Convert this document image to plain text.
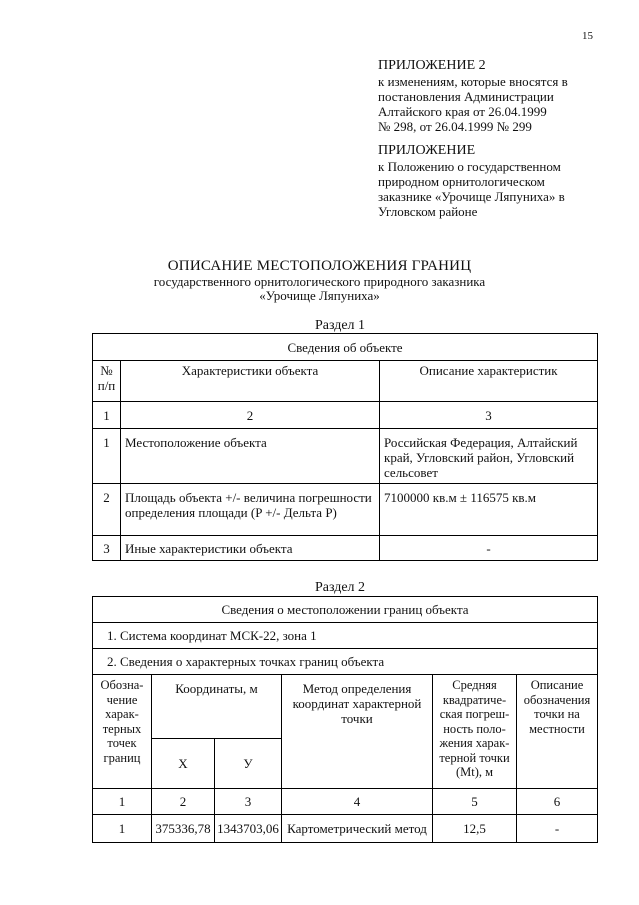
15
ПРИЛОЖЕНИЕ 2
к изменениям, которые вносятся в
постановления Администрации
Алтайского края от 26.04.1999
№ 298, от 26.04.1999 № 299
ПРИЛОЖЕНИЕ
к Положению о государственном
природном орнитологическом
заказнике «Урочище Ляпуниха» в
Угловском районе
ОПИСАНИЕ МЕСТОПОЛОЖЕНИЯ ГРАНИЦ
государственного орнитологического природного заказника
«Урочище Ляпуниха»
Раздел 1
Сведения об объекте		
№ п/п	Характеристики объекта	Описание характеристик
1	2	3
1	Местоположение объекта	Российская Федерация, Алтайский край, Угловский район, Угловский сельсовет
2	Площадь объекта +/- величина погрешности определения площади (P +/- Дельта P)	7100000 кв.м ± 116575 кв.м
3	Иные характеристики объекта	-
Раздел 2
Сведения о местоположении границ объекта					
1. Система координат МСК-22, зона 1					
2. Сведения о характерных точках границ объекта					
Обозна-чение харак-терных точек границ	Координаты, м		Метод определения координат характерной точки	Средняя квадратиче-ская погреш-ность поло-жения харак-терной точки (Mt), м	Описание обозначения точки на местности
	X	У			
1	2	3	4	5	6
1	375336,78	1343703,06	Картометрический метод	12,5	-
